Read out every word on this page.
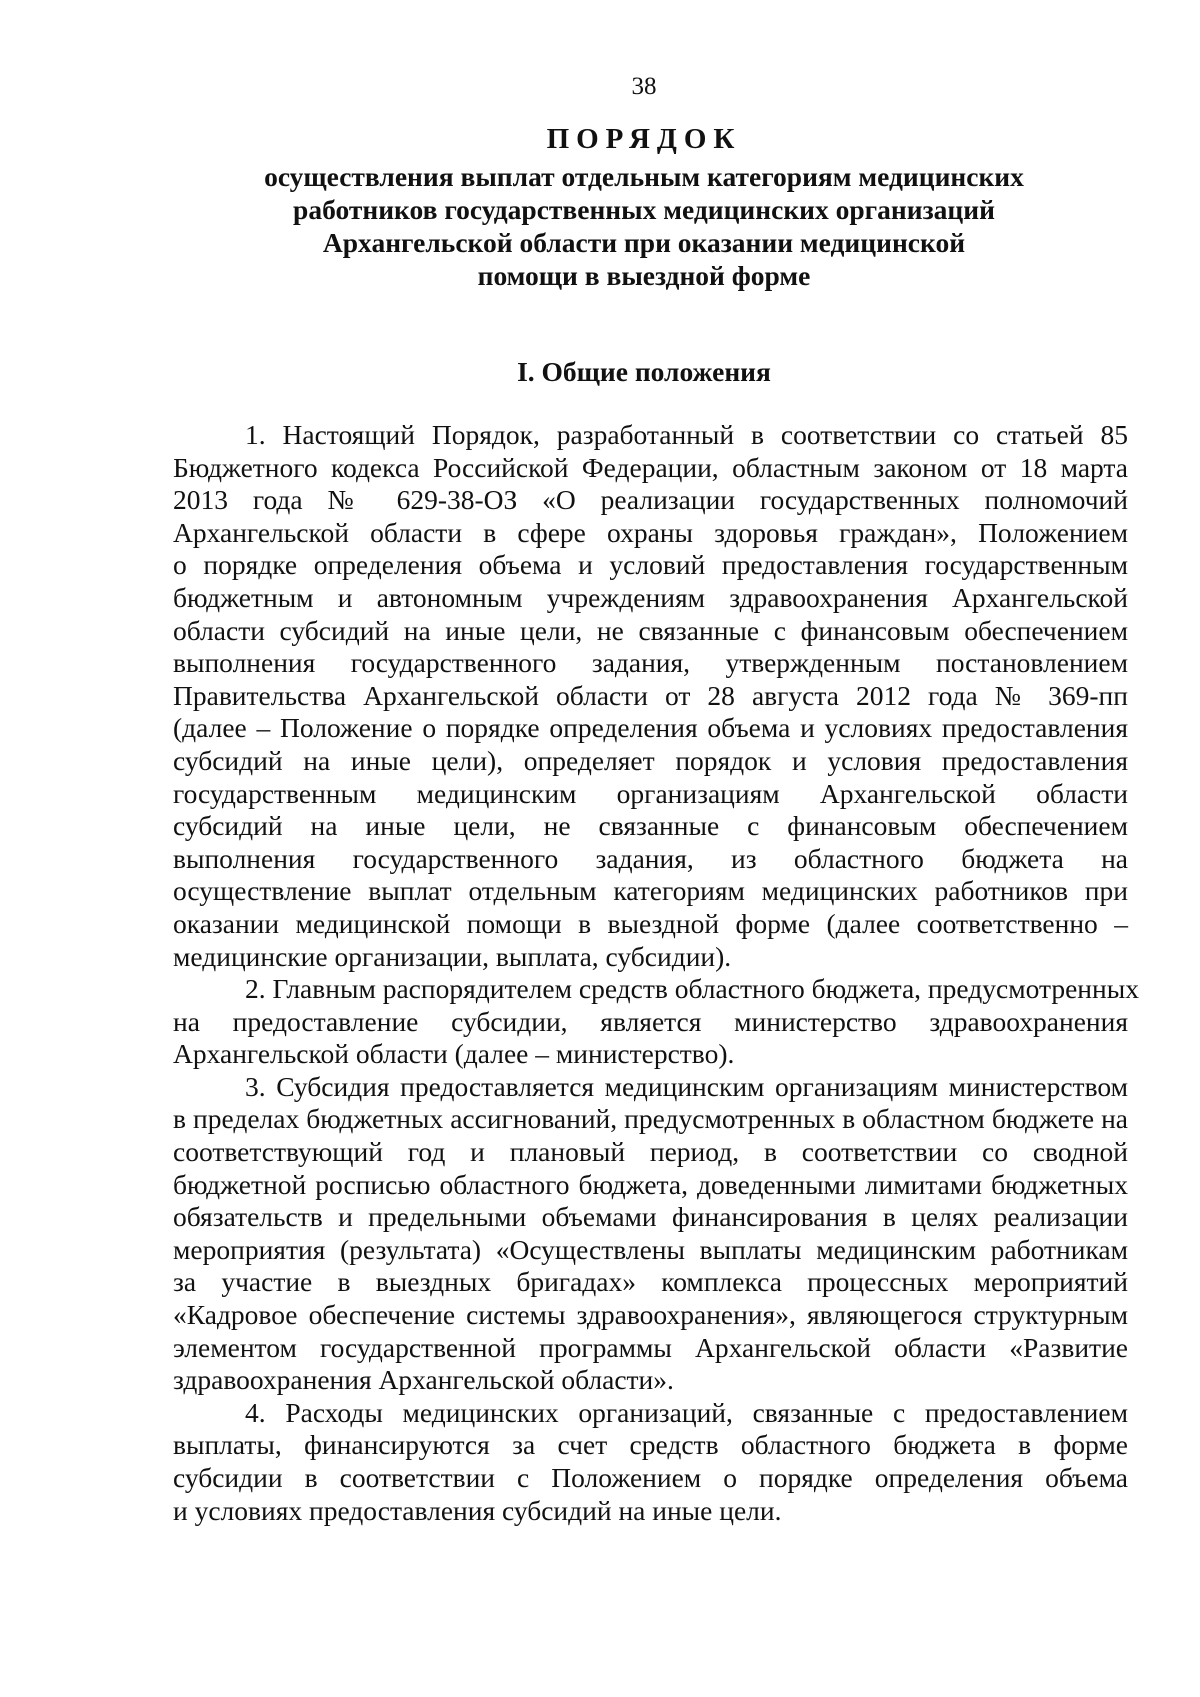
38
ПОРЯДОК
осуществления выплат отдельным категориям медицинских
работников государственных медицинских организаций
Архангельской области при оказании медицинской
помощи в выездной форме
I. Общие положения
1. Настоящий Порядок, разработанный в соответствии со статьей 85
Бюджетного кодекса Российской Федерации, областным законом от 18 марта
2013 года № 629-38-ОЗ «О реализации государственных полномочий
Архангельской области в сфере охраны здоровья граждан», Положением
о порядке определения объема и условий предоставления государственным
бюджетным и автономным учреждениям здравоохранения Архангельской
области субсидий на иные цели, не связанные с финансовым обеспечением
выполнения государственного задания, утвержденным постановлением
Правительства Архангельской области от 28 августа 2012 года № 369-пп
(далее – Положение о порядке определения объема и условиях предоставления
субсидий на иные цели), определяет порядок и условия предоставления
государственным медицинским организациям Архангельской области
субсидий на иные цели, не связанные с финансовым обеспечением
выполнения государственного задания, из областного бюджета на
осуществление выплат отдельным категориям медицинских работников при
оказании медицинской помощи в выездной форме (далее соответственно –
медицинские организации, выплата, субсидии).
2. Главным распорядителем средств областного бюджета, предусмотренных
на предоставление субсидии, является министерство здравоохранения
Архангельской области (далее – министерство).
3. Субсидия предоставляется медицинским организациям министерством
в пределах бюджетных ассигнований, предусмотренных в областном бюджете на
соответствующий год и плановый период, в соответствии со сводной
бюджетной росписью областного бюджета, доведенными лимитами бюджетных
обязательств и предельными объемами финансирования в целях реализации
мероприятия (результата) «Осуществлены выплаты медицинским работникам
за участие в выездных бригадах» комплекса процессных мероприятий
«Кадровое обеспечение системы здравоохранения», являющегося структурным
элементом государственной программы Архангельской области «Развитие
здравоохранения Архангельской области».
4. Расходы медицинских организаций, связанные с предоставлением
выплаты, финансируются за счет средств областного бюджета в форме
субсидии в соответствии с Положением о порядке определения объема
и условиях предоставления субсидий на иные цели.
